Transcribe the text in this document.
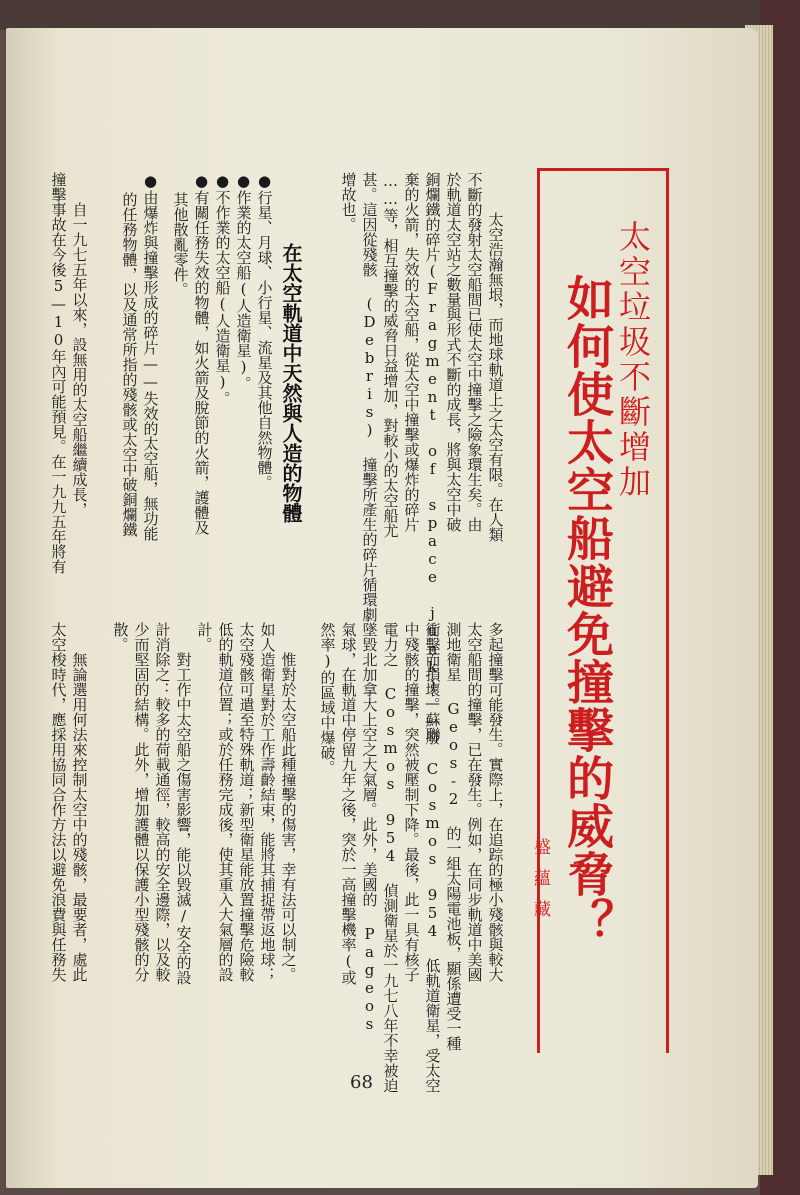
太空垃圾不斷增加
如何使太空船避免撞擊的威脅？
盛蘊藏
太空浩瀚無垠，而地球軌道上之太空有限。在人類
不斷的發射太空船間已使太空中撞擊之險象環生矣。由
於軌道太空站之數量與形式不斷的成長，將與太空中破
銅爛鐵的碎片(Fragment of space junk)——廢
棄的火箭，失效的太空船，從太空中撞擊或爆炸的碎片
……等，相互撞擊的威脅日益增加，對較小的太空船尤
甚。這因從殘骸 (Debris) 撞擊所產生的碎片循環劇
增故也。
在太空軌道中天然與人造的物體
●行星、月球、小行星、流星及其他自然物體。
●作業的太空船(人造衛星)。
●不作業的太空船(人造衛星)。
●有關任務失效的物體，如火箭及脫節的火箭，護體及
其他散亂零件。
●由爆炸與撞擊形成的碎片——失效的太空船，無功能
的任務物體，以及通常所指的殘骸或太空中破銅爛鐵
撞擊事故在今後5—10年內可能預見。在一九九五年將有 　　自一九七五年以來，設無用的太空船繼續成長，
多起撞擊可能發生。實際上，在追踪的極小殘骸與較大
太空船間的撞擊，已在發生。例如，在同步軌道中美國
測地衛星 Geos-2 的一組太陽電池板，顯係遭受一種
衝擊而損壞。蘇聯 Cosmos 954 低軌道衛星，受太空
中殘骸的撞擊，突然被壓制下降。最後，此一具有核子
電力之 Cosmos 954 偵測衛星於一九七八年不幸被迫
墜毀北加拿大上空之大氣層。此外，美國的 Pageos
氣球，在軌道中停留九年之後，突於一高撞擊機率(或
然率)的區域中爆破。
　　惟對於太空船此種撞擊的傷害，幸有法可以制之。
如人造衛星對於工作壽齡結束，能將其捕捉帶返地球；
太空殘骸可遣至特殊軌道；新型衛星能放置撞擊危險較
低的軌道位置；或於任務完成後，使其重入大氣層的設
計。
　　對工作中太空船之傷害影響，能以毀滅/安全的設
計消除之：較多的荷載通徑，較高的安全邊際，以及較
少而堅固的結構。此外，增加護體以保護小型殘骸的分
散。
　　無論選用何法來控制太空中的殘骸，最要者，處此
太空梭時代，應採用協同合作方法以避免浪費與任務失
68
